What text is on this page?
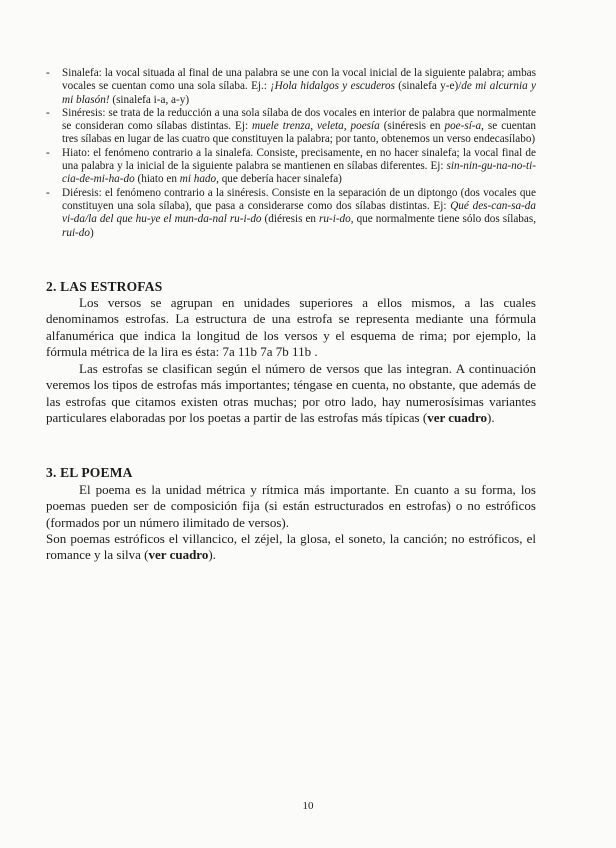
-	Sinalefa: la vocal situada al final de una palabra se une con la vocal inicial de la siguiente palabra; ambas vocales se cuentan como una sola sílaba. Ej.: ¡Hola hidalgos y escuderos (sinalefa y-e)/de mi alcurnia y mi blasón! (sinalefa i-a, a-y)
-	Sinéresis: se trata de la reducción a una sola sílaba de dos vocales en interior de palabra que normalmente se consideran como sílabas distintas. Ej: muele trenza, veleta, poesía (sinéresis en poe-sí-a, se cuentan tres sílabas en lugar de las cuatro que constituyen la palabra; por tanto, obtenemos un verso endecasílabo)
-	Hiato: el fenómeno contrario a la sinalefa. Consiste, precisamente, en no hacer sinalefa; la vocal final de una palabra y la inicial de la siguiente palabra se mantienen en sílabas diferentes. Ej: sin-nin-gu-na-no-ti-cia-de-mi-ha-do (hiato en mi hado, que debería hacer sinalefa)
-	Diéresis: el fenómeno contrario a la sinéresis. Consiste en la separación de un diptongo (dos vocales que constituyen una sola sílaba), que pasa a considerarse como dos sílabas distintas. Ej: Qué des-can-sa-da vi-da/la del que hu-ye el mun-da-nal ru-i-do (diéresis en ru-i-do, que normalmente tiene sólo dos sílabas, rui-do)
2. LAS ESTROFAS
Los versos se agrupan en unidades superiores a ellos mismos, a las cuales denominamos estrofas. La estructura de una estrofa se representa mediante una fórmula alfanumérica que indica la longitud de los versos y el esquema de rima; por ejemplo, la fórmula métrica de la lira es ésta: 7a 11b 7a 7b 11b .
Las estrofas se clasifican según el número de versos que las integran. A continuación veremos los tipos de estrofas más importantes; téngase en cuenta, no obstante, que además de las estrofas que citamos existen otras muchas; por otro lado, hay numerosísimas variantes particulares elaboradas por los poetas a partir de las estrofas más típicas (ver cuadro).
3. EL POEMA
El poema es la unidad métrica y rítmica más importante. En cuanto a su forma, los poemas pueden ser de composición fija (si están estructurados en estrofas) o no estróficos (formados por un número ilimitado de versos).
Son poemas estróficos el villancico, el zéjel, la glosa, el soneto, la canción; no estróficos, el romance y la silva (ver cuadro).
10
